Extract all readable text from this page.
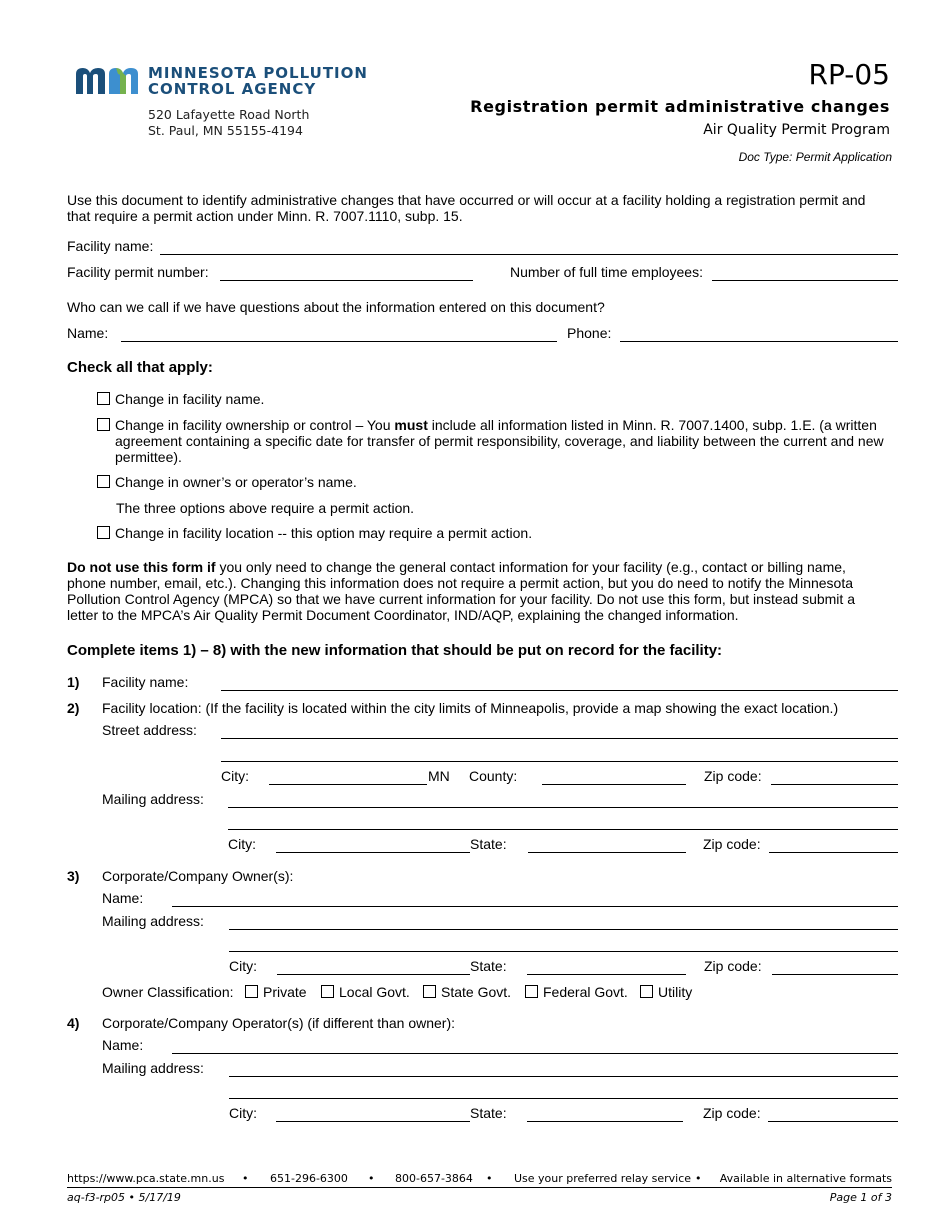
MINNESOTA POLLUTION
CONTROL AGENCY
520 Lafayette Road North
St. Paul, MN 55155-4194
RP-05
Registration permit administrative changes
Air Quality Permit Program
Doc Type: Permit Application
Use this document to identify administrative changes that have occurred or will occur at a facility holding a registration permit and that require a permit action under Minn. R. 7007.1110, subp. 15.
Facility name:
Facility permit number:	Number of full time employees:
Who can we call if we have questions about the information entered on this document?
Name:	Phone:
Check all that apply:
Change in facility name.
Change in facility ownership or control – You must include all information listed in Minn. R. 7007.1400, subp. 1.E. (a written agreement containing a specific date for transfer of permit responsibility, coverage, and liability between the current and new permittee).
Change in owner’s or operator’s name.
The three options above require a permit action.
Change in facility location -- this option may require a permit action.
Do not use this form if you only need to change the general contact information for your facility (e.g., contact or billing name, phone number, email, etc.). Changing this information does not require a permit action, but you do need to notify the Minnesota Pollution Control Agency (MPCA) so that we have current information for your facility. Do not use this form, but instead submit a letter to the MPCA’s Air Quality Permit Document Coordinator, IND/AQP, explaining the changed information.
Complete items 1) – 8) with the new information that should be put on record for the facility:
1) Facility name:
2) Facility location: (If the facility is located within the city limits of Minneapolis, provide a map showing the exact location.)
Street address:
City:	MN County:	Zip code:
Mailing address:
City:	State:	Zip code:
3) Corporate/Company Owner(s):
Name:
Mailing address:
City:	State:	Zip code:
Owner Classification: Private Local Govt. State Govt. Federal Govt. Utility
4) Corporate/Company Operator(s) (if different than owner):
Name:
Mailing address:
City:	State:	Zip code:
https://www.pca.state.mn.us • 651-296-6300 • 800-657-3864 • Use your preferred relay service • Available in alternative formats
aq-f3-rp05 • 5/17/19	Page 1 of 3
